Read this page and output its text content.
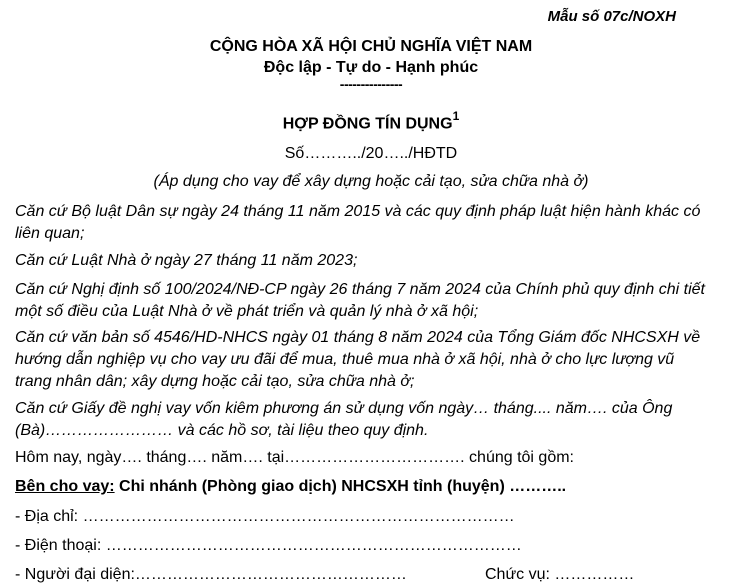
Mẫu số 07c/NOXH
CỘNG HÒA XÃ HỘI CHỦ NGHĨA VIỆT NAM
Độc lập - Tự do - Hạnh phúc
---------------
HỢP ĐỒNG TÍN DỤNG$^1$
Số………../20…../HĐTD
(Áp dụng cho vay để xây dựng hoặc cải tạo, sửa chữa nhà ở)
Căn cứ Bộ luật Dân sự ngày 24 tháng 11 năm 2015 và các quy định pháp luật hiện hành khác có liên quan;
Căn cứ Luật Nhà ở ngày 27 tháng 11 năm 2023;
Căn cứ Nghị định số 100/2024/NĐ-CP ngày 26 tháng 7 năm 2024 của Chính phủ quy định chi tiết một số điều của Luật Nhà ở về phát triển và quản lý nhà ở xã hội;
Căn cứ văn bản số 4546/HD-NHCS ngày 01 tháng 8 năm 2024 của Tổng Giám đốc NHCSXH về hướng dẫn nghiệp vụ cho vay ưu đãi để mua, thuê mua nhà ở xã hội, nhà ở cho lực lượng vũ trang nhân dân; xây dựng hoặc cải tạo, sửa chữa nhà ở;
Căn cứ Giấy đề nghị vay vốn kiêm phương án sử dụng vốn ngày… tháng.... năm…. của Ông (Bà)…………………… và các hồ sơ, tài liệu theo quy định.
Hôm nay, ngày…. tháng…. năm…. tại……………………………. chúng tôi gồm:
Bên cho vay: Chi nhánh (Phòng giao dịch) NHCSXH tỉnh (huyện) ………..
- Địa chỉ: ………………………………………………………………………
- Điện thoại: ……………………………………………………………………
- Người đại diện:……………………………………………	Chức vụ: ……………
